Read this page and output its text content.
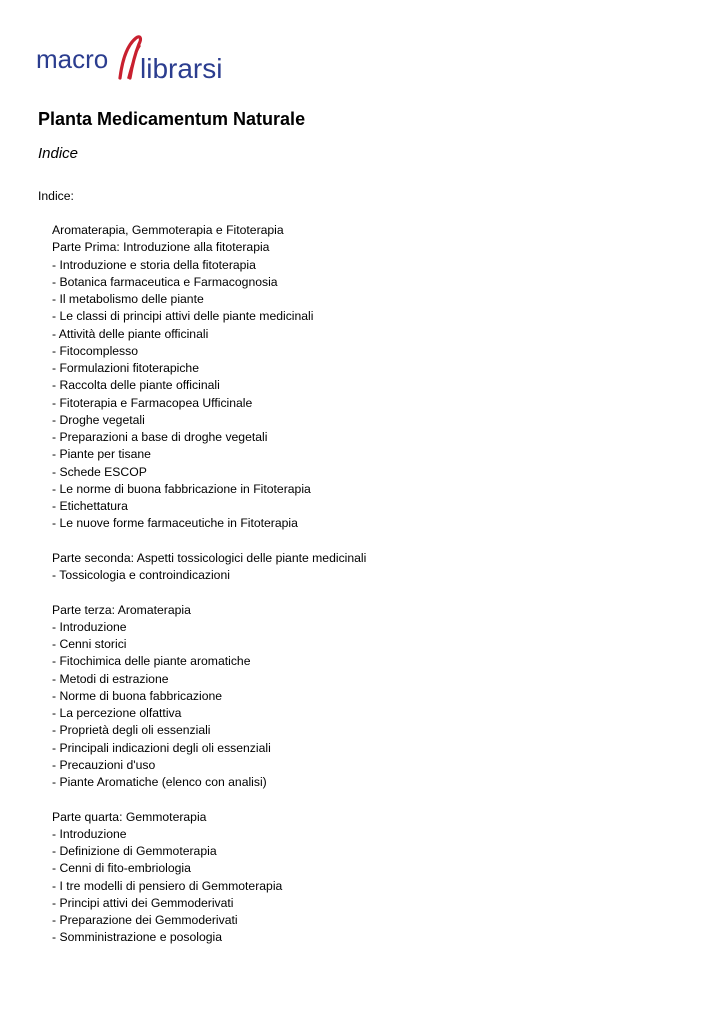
macro librarsi
Planta Medicamentum Naturale
Indice

Indice:

Aromaterapia, Gemmoterapia e Fitoterapia
Parte Prima: Introduzione alla fitoterapia
- Introduzione e storia della fitoterapia
- Botanica farmaceutica e Farmacognosia
- Il metabolismo delle piante
- Le classi di principi attivi delle piante medicinali
- Attività delle piante officinali
- Fitocomplesso
- Formulazioni fitoterapiche
- Raccolta delle piante officinali
- Fitoterapia e Farmacopea Ufficinale
- Droghe vegetali
- Preparazioni a base di droghe vegetali
- Piante per tisane
- Schede ESCOP
- Le norme di buona fabbricazione in Fitoterapia
- Etichettatura
- Le nuove forme farmaceutiche in Fitoterapia
Parte seconda: Aspetti tossicologici delle piante medicinali
- Tossicologia e controindicazioni
Parte terza: Aromaterapia
- Introduzione
- Cenni storici
- Fitochimica delle piante aromatiche
- Metodi di estrazione
- Norme di buona fabbricazione
- La percezione olfattiva
- Proprietà degli oli essenziali
- Principali indicazioni degli oli essenziali
- Precauzioni d'uso
- Piante Aromatiche (elenco con analisi)
Parte quarta: Gemmoterapia
- Introduzione
- Definizione di Gemmoterapia
- Cenni di fito-embriologia
- I tre modelli di pensiero di Gemmoterapia
- Principi attivi dei Gemmoderivati
- Preparazione dei Gemmoderivati
- Somministrazione e posologia
